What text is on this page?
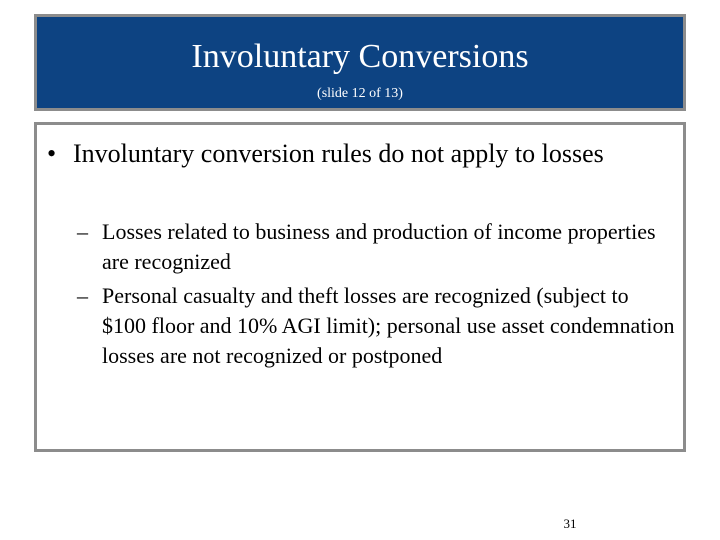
Involuntary Conversions
(slide 12 of 13)
• Involuntary conversion rules do not apply to losses
– Losses related to business and production of income properties are recognized
– Personal casualty and theft losses are recognized (subject to $100 floor and 10% AGI limit); personal use asset condemnation losses are not recognized or postponed
31
